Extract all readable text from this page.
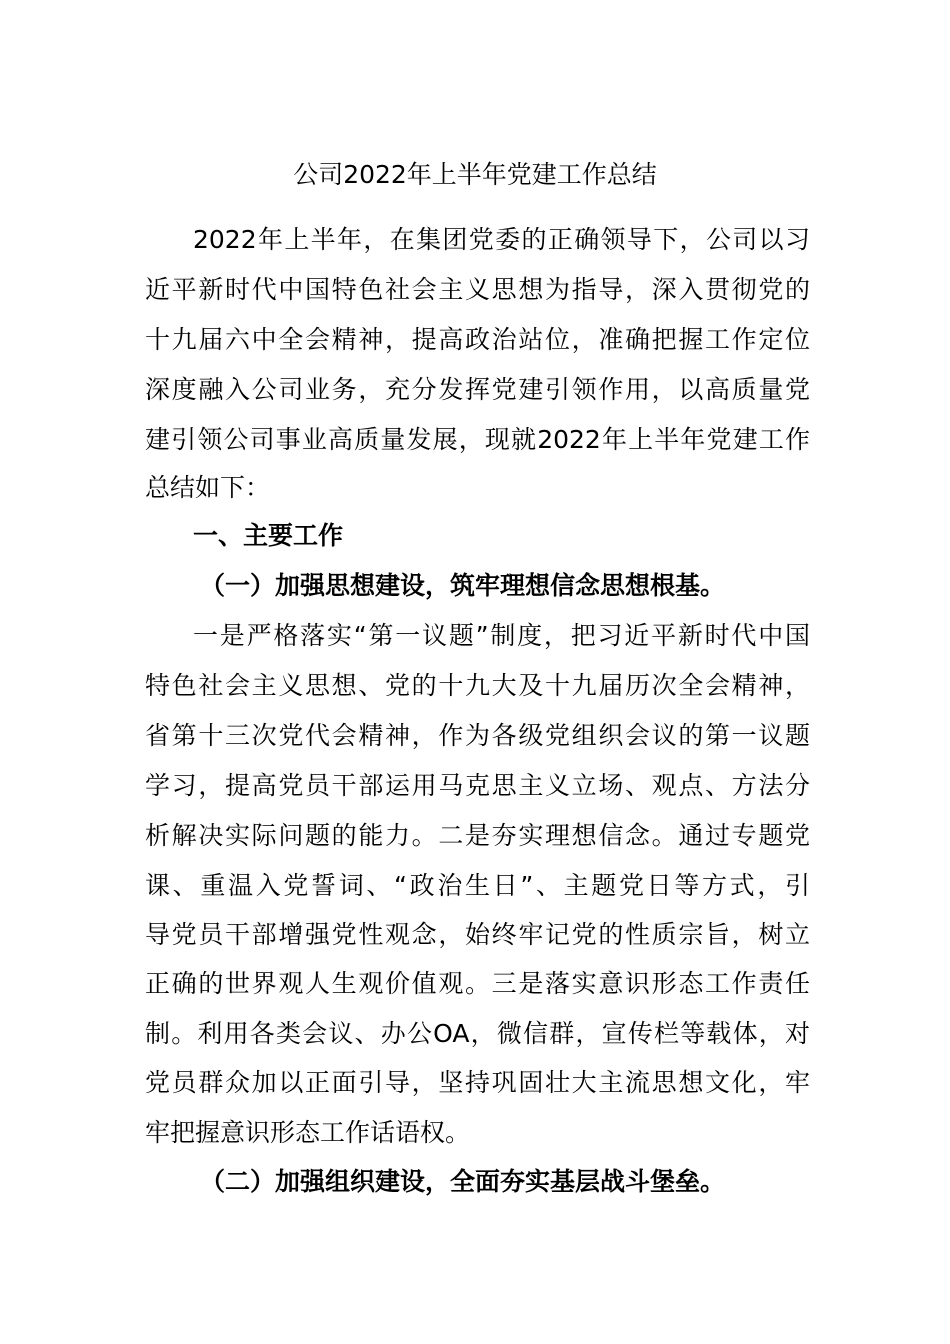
公司2022年上半年党建工作总结

2022年上半年，在集团党委的正确领导下，公司以习

近平新时代中国特色社会主义思想为指导，深入贯彻党的

十九届六中全会精神，提高政治站位，准确把握工作定位

深度融入公司业务，充分发挥党建引领作用，以高质量党

建引领公司事业高质量发展，现就2022年上半年党建工作

总结如下：

一、主要工作

（一）加强思想建设，筑牢理想信念思想根基。

一是严格落实“第一议题”制度，把习近平新时代中国

特色社会主义思想、党的十九大及十九届历次全会精神，

省第十三次党代会精神，作为各级党组织会议的第一议题

学习，提高党员干部运用马克思主义立场、观点、方法分

析解决实际问题的能力。二是夯实理想信念。通过专题党

课、重温入党誓词、“政治生日”、主题党日等方式，引

导党员干部增强党性观念，始终牢记党的性质宗旨，树立

正确的世界观人生观价值观。三是落实意识形态工作责任

制。利用各类会议、办公OA，微信群，宣传栏等载体，对

党员群众加以正面引导，坚持巩固壮大主流思想文化，牢

牢把握意识形态工作话语权。

（二）加强组织建设，全面夯实基层战斗堡垒。
